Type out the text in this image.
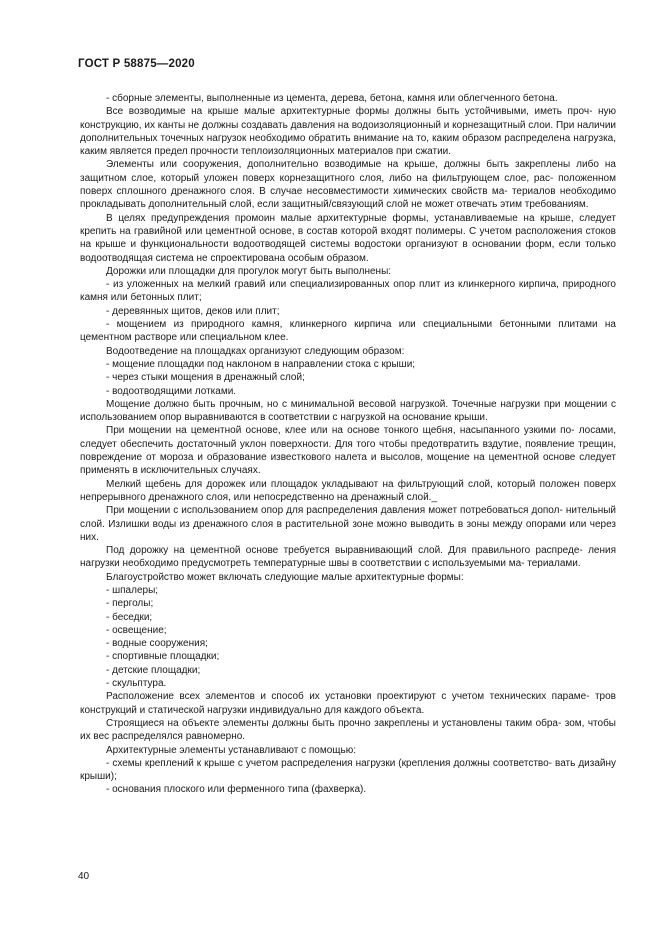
ГОСТ Р 58875—2020

- сборные элементы, выполненные из цемента, дерева, бетона, камня или облегченного бетона.

Все возводимые на крыше малые архитектурные формы должны быть устойчивыми, иметь проч- ную конструкцию, их канты не должны создавать давления на водоизоляционный и корнезащитный слои. При наличии дополнительных точечных нагрузок необходимо обратить внимание на то, каким образом распределена нагрузка, каким является предел прочности теплоизоляционных материалов при сжатии.

Элементы или сооружения, дополнительно возводимые на крыше, должны быть закреплены либо на защитном слое, который уложен поверх корнезащитного слоя, либо на фильтрующем слое, рас- положенном поверх сплошного дренажного слоя. В случае несовместимости химических свойств ма- териалов необходимо прокладывать дополнительный слой, если защитный/связующий слой не может отвечать этим требованиям.

В целях предупреждения промоин малые архитектурные формы, устанавливаемые на крыше, следует крепить на гравийной или цементной основе, в состав которой входят полимеры. С учетом расположения стоков на крыше и функциональности водоотводящей системы водостоки организуют в основании форм, если только водоотводящая система не спроектирована особым образом.

Дорожки или площадки для прогулок могут быть выполнены:

- из уложенных на мелкий гравий или специализированных опор плит из клинкерного кирпича, природного камня или бетонных плит;

- деревянных щитов, деков или плит;

- мощением из природного камня, клинкерного кирпича или специальными бетонными плитами на цементном растворе или специальном клее.

Водоотведение на площадках организуют следующим образом:

- мощение площадки под наклоном в направлении стока с крыши;

- через стыки мощения в дренажный слой;

- водоотводящими лотками.

Мощение должно быть прочным, но с минимальной весовой нагрузкой. Точечные нагрузки при мощении с использованием опор выравниваются в соответствии с нагрузкой на основание крыши.

При мощении на цементной основе, клее или на основе тонкого щебня, насыпанного узкими по- лосами, следует обеспечить достаточный уклон поверхности. Для того чтобы предотвратить вздутие, появление трещин, повреждение от мороза и образование известкового налета и высолов, мощение на цементной основе следует применять в исключительных случаях.

Мелкий щебень для дорожек или площадок укладывают на фильтрующий слой, который положен поверх непрерывного дренажного слоя, или непосредственно на дренажный слой._

При мощении с использованием опор для распределения давления может потребоваться допол- нительный слой. Излишки воды из дренажного слоя в растительной зоне можно выводить в зоны между опорами или через них.

Под дорожку на цементной основе требуется выравнивающий слой. Для правильного распреде- ления нагрузки необходимо предусмотреть температурные швы в соответствии с используемыми ма- териалами.

Благоустройство может включать следующие малые архитектурные формы:

- шпалеры;

- перголы;

- беседки;

- освещение;

- водные сооружения;

- спортивные площадки;

- детские площадки;

- скульптура.

Расположение всех элементов и способ их установки проектируют с учетом технических параме- тров конструкций и статической нагрузки индивидуально для каждого объекта.

Строящиеся на объекте элементы должны быть прочно закреплены и установлены таким обра- зом, чтобы их вес распределялся равномерно.

Архитектурные элементы устанавливают с помощью:

- схемы креплений к крыше с учетом распределения нагрузки (крепления должны соответство- вать дизайну крыши);

- основания плоского или ферменного типа (фахверка).

40
